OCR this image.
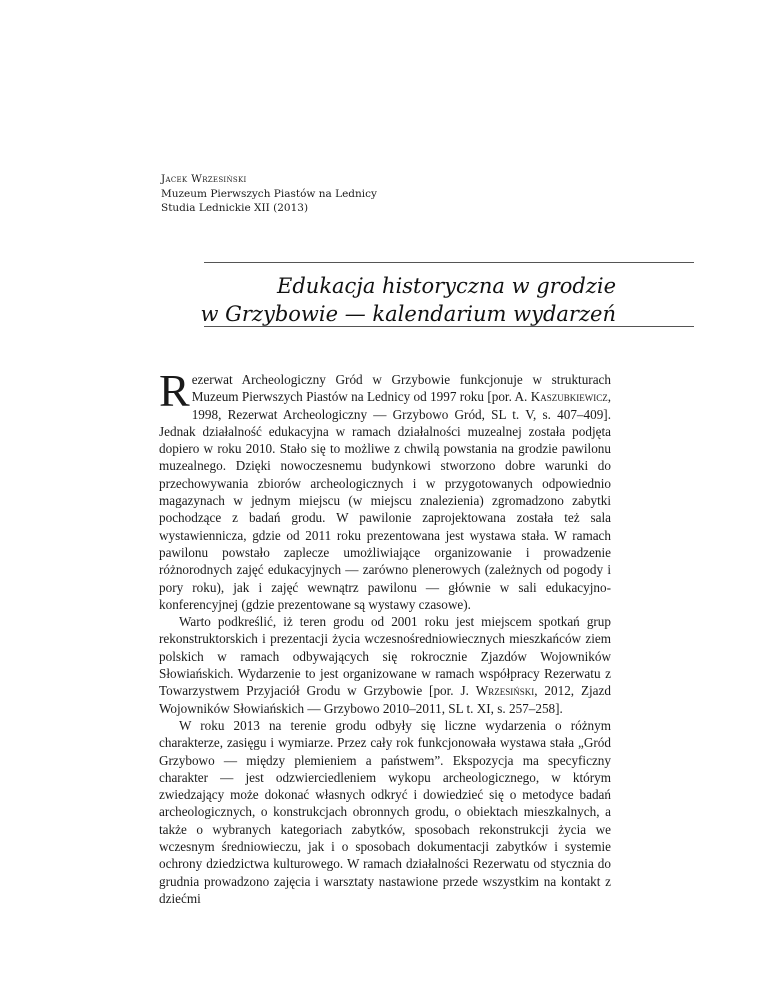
Jacek Wrzesiński
Muzeum Pierwszych Piastów na Lednicy
Studia Lednickie XII (2013)
Edukacja historyczna w grodzie
w Grzybowie — kalendarium wydarzeń

Rezerwat Archeologiczny Gród w Grzybowie funkcjonuje w strukturach Muzeum Pierwszych Piastów na Lednicy od 1997 roku [por. A. Kaszubkiewicz, 1998, Rezerwat Archeologiczny — Grzybowo Gród, SL t. V, s. 407–409]. Jednak działalność edukacyjna w ramach działalności muzealnej została podjęta dopiero w roku 2010. Stało się to możliwe z chwilą powstania na grodzie pawilonu muzealnego. Dzięki nowoczesnemu budynkowi stworzono dobre warunki do przechowywania zbiorów archeologicznych i w przygotowanych odpowiednio magazynach w jednym miejscu (w miejscu znalezienia) zgromadzono zabytki pochodzące z badań grodu. W pawilonie zaprojektowana została też sala wystawiennicza, gdzie od 2011 roku prezentowana jest wystawa stała. W ramach pawilonu powstało zaplecze umożliwiające organizowanie i prowadzenie różnorodnych zajęć edukacyjnych — zarówno plenerowych (zależnych od pogody i pory roku), jak i zajęć wewnątrz pawilonu — głównie w sali edukacyjno-konferencyjnej (gdzie prezentowane są wystawy czasowe).

Warto podkreślić, iż teren grodu od 2001 roku jest miejscem spotkań grup rekonstruktorskich i prezentacji życia wczesnośredniowiecznych mieszkańców ziem polskich w ramach odbywających się rokrocznie Zjazdów Wojowników Słowiańskich. Wydarzenie to jest organizowane w ramach współpracy Rezerwatu z Towarzystwem Przyjaciół Grodu w Grzybowie [por. J. Wrzesiński, 2012, Zjazd Wojowników Słowiańskich — Grzybowo 2010–2011, SL t. XI, s. 257–258].

W roku 2013 na terenie grodu odbyły się liczne wydarzenia o różnym charakterze, zasięgu i wymiarze. Przez cały rok funkcjonowała wystawa stała „Gród Grzybowo — między plemieniem a państwem”. Ekspozycja ma specyficzny charakter — jest odzwierciedleniem wykopu archeologicznego, w którym zwiedzający może dokonać własnych odkryć i dowiedzieć się o metodyce badań archeologicznych, o konstrukcjach obronnych grodu, o obiektach mieszkalnych, a także o wybranych kategoriach zabytków, sposobach rekonstrukcji życia we wczesnym średniowieczu, jak i o sposobach dokumentacji zabytków i systemie ochrony dziedzictwa kulturowego. W ramach działalności Rezerwatu od stycznia do grudnia prowadzono zajęcia i warsztaty nastawione przede wszystkim na kontakt z dziećmi
